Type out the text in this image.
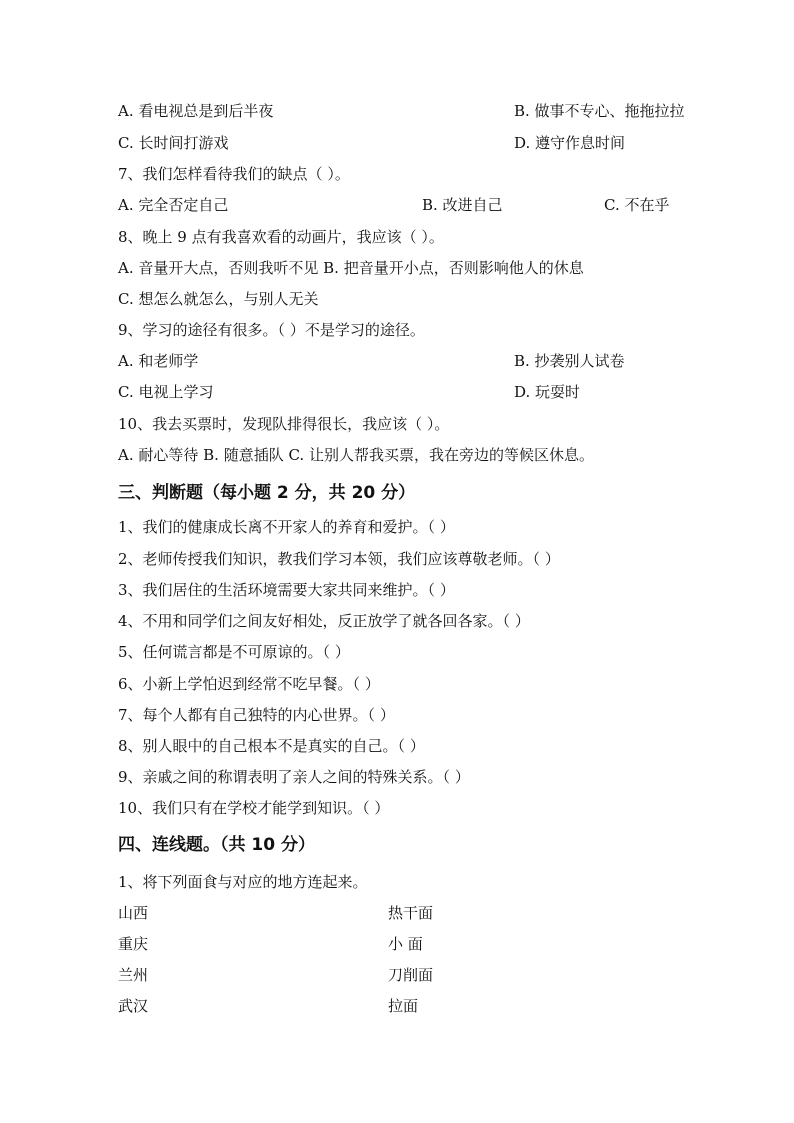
A. 看电视总是到后半夜	B. 做事不专心、拖拖拉拉
C. 长时间打游戏	D. 遵守作息时间
7、我们怎样看待我们的缺点（ ）。
A. 完全否定自己	B. 改进自己	C. 不在乎
8、晚上 9 点有我喜欢看的动画片，我应该（ ）。
A. 音量开大点，否则我听不见 B. 把音量开小点，否则影响他人的休息
C. 想怎么就怎么，与别人无关
9、学习的途径有很多。（ ）不是学习的途径。
A. 和老师学	B. 抄袭别人试卷
C. 电视上学习	D. 玩耍时
10、我去买票时，发现队排得很长，我应该（ ）。
A. 耐心等待 B. 随意插队 C. 让别人帮我买票，我在旁边的等候区休息。
三、判断题（每小题 2 分，共 20 分）
1、我们的健康成长离不开家人的养育和爱护。（ ）
2、老师传授我们知识，教我们学习本领，我们应该尊敬老师。（ ）
3、我们居住的生活环境需要大家共同来维护。（ ）
4、不用和同学们之间友好相处，反正放学了就各回各家。（ ）
5、任何谎言都是不可原谅的。（ ）
6、小新上学怕迟到经常不吃早餐。（ ）
7、每个人都有自己独特的内心世界。（ ）
8、别人眼中的自己根本不是真实的自己。（ ）
9、亲戚之间的称谓表明了亲人之间的特殊关系。（ ）
10、我们只有在学校才能学到知识。（ ）
四、连线题。（共 10 分）
1、将下列面食与对应的地方连起来。
山西	热干面
重庆	小 面
兰州	刀削面
武汉	拉面
